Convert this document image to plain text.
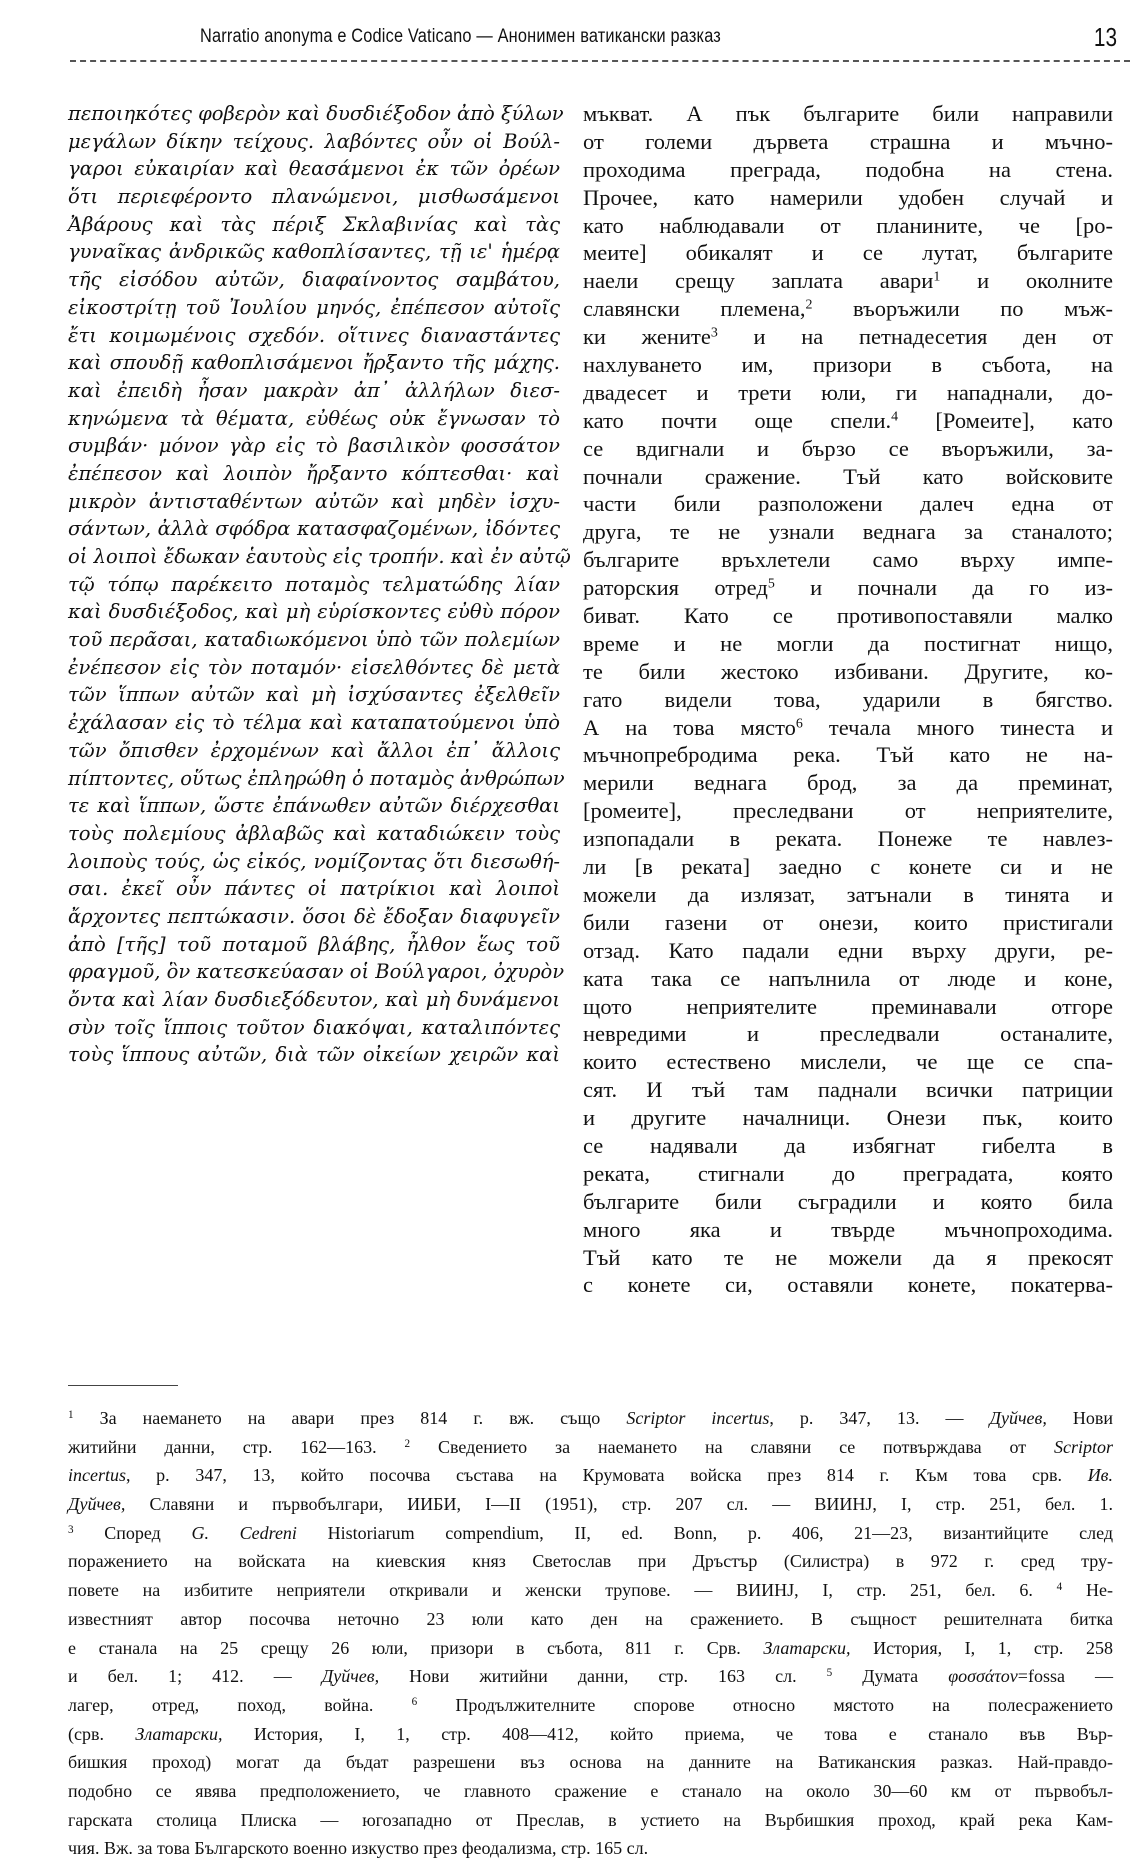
Narratio anonyma e Codice Vaticano — Анонимен ватикански разказ	13
πεποιηκότες φοβερὸν καὶ δυσδιέξοδον ἀπὸ ξύλων
μεγάλων δίκην τείχους. λαβόντες οὖν οἱ Βούλ-
γαροι εὐκαιρίαν καὶ θεασάμενοι ἐκ τῶν ὀρέων
ὅτι περιεφέροντο πλανώμενοι, μισθωσάμενοι
Ἀβάρους καὶ τὰς πέριξ Σκλαβινίας καὶ τὰς
γυναῖκας ἀνδρικῶς καθοπλίσαντες, τῇ ιε' ἡμέρᾳ
τῆς εἰσόδου αὐτῶν, διαφαίνοντος σαμβάτου,
εἰκοστρίτῃ τοῦ Ἰουλίου μηνός, ἐπέπεσον αὐτοῖς
ἔτι κοιμωμένοις σχεδόν. οἵτινες διαναστάντες
καὶ σπουδῇ καθοπλισάμενοι ἤρξαντο τῆς μάχης.
καὶ ἐπειδὴ ἦσαν μακρὰν ἀπ᾽ ἀλλήλων διεσ-
κηνώμενα τὰ θέματα, εὐθέως οὐκ ἔγνωσαν τὸ
συμβάν· μόνον γὰρ εἰς τὸ βασιλικὸν φοσσάτον
ἐπέπεσον καὶ λοιπὸν ἤρξαντο κόπτεσθαι· καὶ
μικρὸν ἀντισταθέντων αὐτῶν καὶ μηδὲν ἰσχυ-
σάντων, ἀλλὰ σφόδρα κατασφαζομένων, ἰδόντες
οἱ λοιποὶ ἔδωκαν ἑαυτοὺς εἰς τροπήν. καὶ ἐν αὐτῷ
τῷ τόπῳ παρέκειτο ποταμὸς τελματώδης λίαν
καὶ δυσδιέξοδος, καὶ μὴ εὑρίσκοντες εὐθὺ πόρον
τοῦ περᾶσαι, καταδιωκόμενοι ὑπὸ τῶν πολεμίων
ἐνέπεσον εἰς τὸν ποταμόν· εἰσελθόντες δὲ μετὰ
τῶν ἵππων αὐτῶν καὶ μὴ ἰσχύσαντες ἐξελθεῖν
ἐχάλασαν εἰς τὸ τέλμα καὶ καταπατούμενοι ὑπὸ
τῶν ὄπισθεν ἐρχομένων καὶ ἄλλοι ἐπ᾽ ἄλλοις
πίπτοντες, οὕτως ἐπληρώθη ὁ ποταμὸς ἀνθρώπων
τε καὶ ἵππων, ὥστε ἐπάνωθεν αὐτῶν διέρχεσθαι
τοὺς πολεμίους ἀβλαβῶς καὶ καταδιώκειν τοὺς
λοιποὺς τούς, ὡς εἰκός, νομίζοντας ὅτι διεσωθή-
σαι. ἐκεῖ οὖν πάντες οἱ πατρίκιοι καὶ λοιποὶ
ἄρχοντες πεπτώκασιν. ὅσοι δὲ ἔδοξαν διαφυγεῖν
ἀπὸ [τῆς] τοῦ ποταμοῦ βλάβης, ἦλθον ἕως τοῦ
φραγμοῦ, ὃν κατεσκεύασαν οἱ Βούλγαροι, ὀχυρὸν
ὄντα καὶ λίαν δυσδιεξόδευτον, καὶ μὴ δυνάμενοι
σὺν τοῖς ἵπποις τοῦτον διακόψαι, καταλιπόντες
τοὺς ἵππους αὐτῶν, διὰ τῶν οἰκείων χειρῶν καὶ
мъкват. А пък българите били направили
от големи дървета страшна и мъчно-
проходима преграда, подобна на стена.
Прочее, като намерили удобен случай и
като наблюдавали от планините, че [ро-
меите] обикалят и се лутат, българите
наели срещу заплата авари$^1$ и околните
славянски племена,$^2$ въоръжили по мъж-
ки жените$^3$ и на петнадесетия ден от
нахлуването им, призори в събота, на
двадесет и трети юли, ги нападнали, до-
като почти още спели.$^4$ [Ромеите], като
се вдигнали и бързо се въоръжили, за-
почнали сражение. Тъй като войсковите
части били разположени далеч една от
друга, те не узнали веднага за станалото;
българите връхлетели само върху импе-
раторския отред$^5$ и почнали да го из-
биват. Като се противопоставяли малко
време и не могли да постигнат нищо,
те били жестоко избивани. Другите, ко-
гато видели това, ударили в бягство.
А на това място$^6$ течала много тинеста и
мъчнопребродима река. Тъй като не на-
мерили веднага брод, за да преминат,
[ромеите], преследвани от неприятелите,
изпопадали в реката. Понеже те навлез-
ли [в реката] заедно с конете си и не
можели да излязат, затънали в тинята и
били газени от онези, които пристигали
отзад. Като падали едни върху други, ре-
ката така се напълнила от люде и коне,
щото неприятелите преминавали отгоре
невредими и преследвали останалите,
които естествено мислели, че ще се спа-
сят. И тъй там паднали всички патриции
и другите началници. Онези пък, които
се надявали да избягнат гибелта в
реката, стигнали до преградата, която
българите били съградили и която била
много яка и твърде мъчнопроходима.
Тъй като те не можели да я прекосят
с конете си, оставяли конете, покатерва-
$^1$ За наемането на авари през 814 г. вж. също Scriptor incertus, p. 347, 13. — Дуйчев, Нови
житийни данни, стр. 162—163. $^2$ Сведението за наемането на славяни се потвърждава от Scriptor
incertus, p. 347, 13, който посочва състава на Крумовата войска през 814 г. Към това срв. Ив.
Дуйчев, Славяни и първобългари, ИИБИ, I—II (1951), стр. 207 сл. — ВИИНЈ, I, стр. 251, бел. 1.
$^3$ Според G. Cedreni Historiarum compendium, II, ed. Bonn, p. 406, 21—23, византийците след
поражението на войската на киевския княз Светослав при Дръстър (Силистра) в 972 г. сред тру-
повете на избитите неприятели откривали и женски трупове. — ВИИНЈ, I, стр. 251, бел. 6. $^4$ Не-
известният автор посочва неточно 23 юли като ден на сражението. В същност решителната битка
е станала на 25 срещу 26 юли, призори в събота, 811 г. Срв. Златарски, История, I, 1, стр. 258
и бел. 1; 412. — Дуйчев, Нови житийни данни, стр. 163 сл. $^5$ Думата φοσσάτον=fossa —
лагер, отред, поход, война. $^6$ Продължителните спорове относно мястото на полесражението
(срв. Златарски, История, I, 1, стр. 408—412, който приема, че това е станало във Вър-
бишкия проход) могат да бъдат разрешени въз основа на данните на Ватиканския разказ. Най-правдо-
подобно се явява предположението, че главното сражение е станало на около 30—60 км от първобъл-
гарската столица Плиска — югозападно от Преслав, в устието на Върбишкия проход, край река Кам-
чия. Вж. за това Българското военно изкуство през феодализма, стр. 165 сл.
